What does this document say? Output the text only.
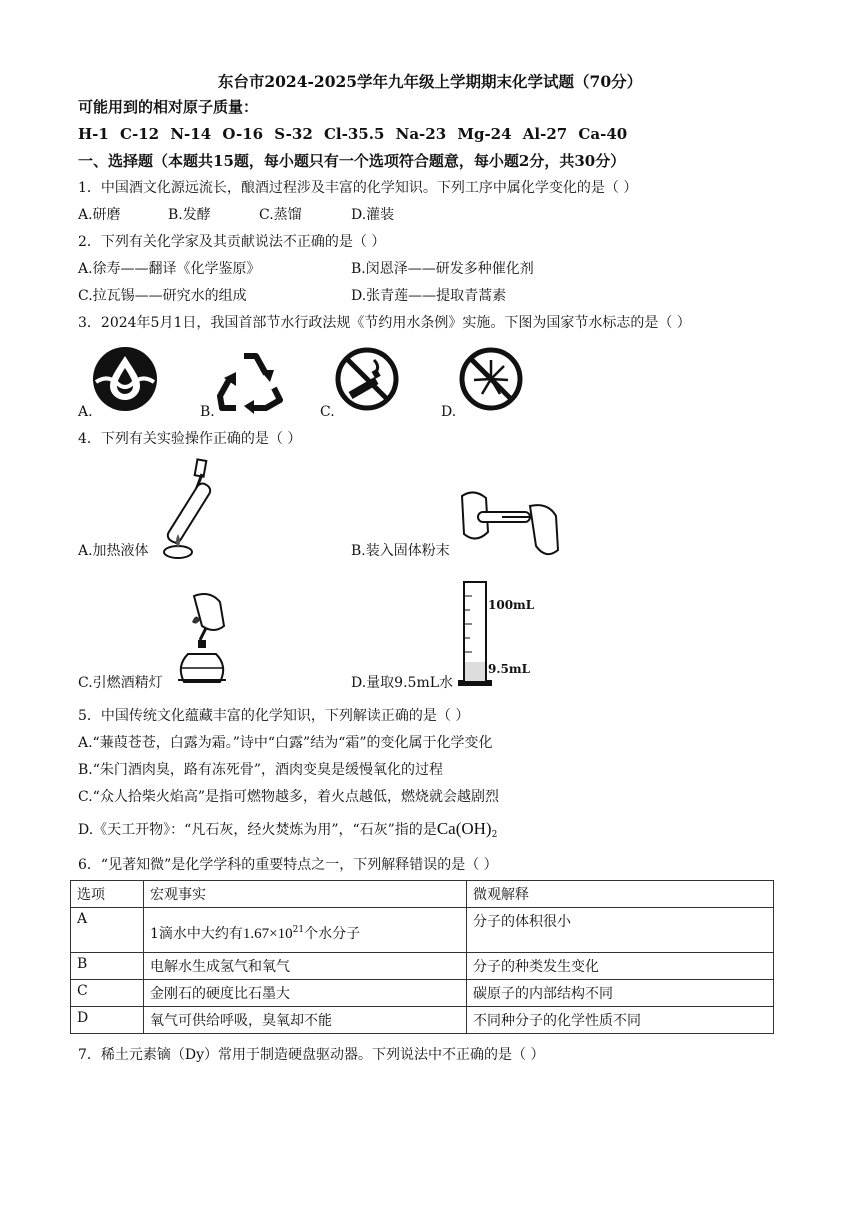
东台市2024-2025学年九年级上学期期末化学试题（70分）
可能用到的相对原子质量：
H-1 C-12 N-14 O-16 S-32 Cl-35.5 Na-23 Mg-24 Al-27 Ca-40
一、选择题（本题共15题，每小题只有一个选项符合题意，每小题2分，共30分）
1．中国酒文化源远流长，酿酒过程涉及丰富的化学知识。下列工序中属化学变化的是（ ）
A.研磨	B.发酵	C.蒸馏	D.灌装
2．下列有关化学家及其贡献说法不正确的是（ ）
A.徐寿——翻译《化学鉴原》	B.闵恩泽——研发多种催化剂
C.拉瓦锡——研究水的组成	D.张青莲——提取青蒿素
3．2024年5月1日，我国首部节水行政法规《节约用水条例》实施。下图为国家节水标志的是（ ）
A.	B.	C.	D.
4．下列有关实验操作正确的是（ ）
A.加热液体	B.装入固体粉末
C.引燃酒精灯
100mL
9.5mL
D.量取9.5mL水
5．中国传统文化蕴藏丰富的化学知识，下列解读正确的是（ ）
A.“蒹葭苍苍，白露为霜。”诗中“白露”结为“霜”的变化属于化学变化
B.“朱门酒肉臭，路有冻死骨”，酒肉变臭是缓慢氧化的过程
C.“众人拾柴火焰高”是指可燃物越多，着火点越低，燃烧就会越剧烈
D.《天工开物》：“凡石灰，经火焚炼为用”，“石灰”指的是$Ca(OH)_2$
6．“见著知微”是化学学科的重要特点之一，下列解释错误的是（ ）
选项	宏观事实	微观解释
A	1滴水中大约有$1.67\times 10^{21}$个水分子	分子的体积很小
B	电解水生成氢气和氧气	分子的种类发生变化
C	金刚石的硬度比石墨大	碳原子的内部结构不同
D	氧气可供给呼吸，臭氧却不能	不同种分子的化学性质不同
7．稀土元素镝（Dy）常用于制造硬盘驱动器。下列说法中不正确的是（ ）
